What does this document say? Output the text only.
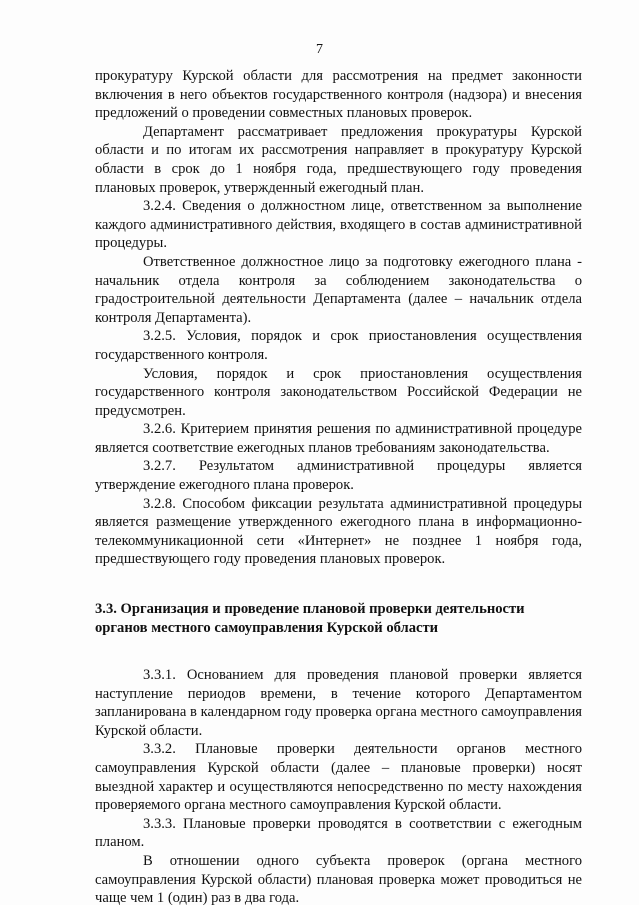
7

прокуратуру Курской области для рассмотрения на предмет законности включения в него объектов государственного контроля (надзора) и внесения предложений о проведении совместных плановых проверок.

Департамент рассматривает предложения прокуратуры Курской области и по итогам их рассмотрения направляет в прокуратуру Курской области в срок до 1 ноября года, предшествующего году проведения плановых проверок, утвержденный ежегодный план.

3.2.4. Сведения о должностном лице, ответственном за выполнение каждого административного действия, входящего в состав административной процедуры.

Ответственное должностное лицо за подготовку ежегодного плана - начальник отдела контроля за соблюдением законодательства о градостроительной деятельности Департамента (далее – начальник отдела контроля Департамента).

3.2.5. Условия, порядок и срок приостановления осуществления государственного контроля.

Условия, порядок и срок приостановления осуществления государственного контроля законодательством Российской Федерации не предусмотрен.

3.2.6. Критерием принятия решения по административной процедуре является соответствие ежегодных планов требованиям законодательства.

3.2.7. Результатом административной процедуры является утверждение ежегодного плана проверок.

3.2.8. Способом фиксации результата административной процедуры является размещение утвержденного ежегодного плана в информационно-телекоммуникационной сети «Интернет» не позднее 1 ноября года, предшествующего году проведения плановых проверок.

3.3. Организация и проведение плановой проверки деятельности
органов местного самоуправления Курской области

3.3.1. Основанием для проведения плановой проверки является наступление периодов времени, в течение которого Департаментом запланирована в календарном году проверка органа местного самоуправления Курской области.

3.3.2. Плановые проверки деятельности органов местного самоуправления Курской области (далее – плановые проверки) носят выездной характер и осуществляются непосредственно по месту нахождения проверяемого органа местного самоуправления Курской области.

3.3.3. Плановые проверки проводятся в соответствии с ежегодным планом.

В отношении одного субъекта проверок (органа местного самоуправления Курской области) плановая проверка может проводиться не чаще чем 1 (один) раз в два года.
